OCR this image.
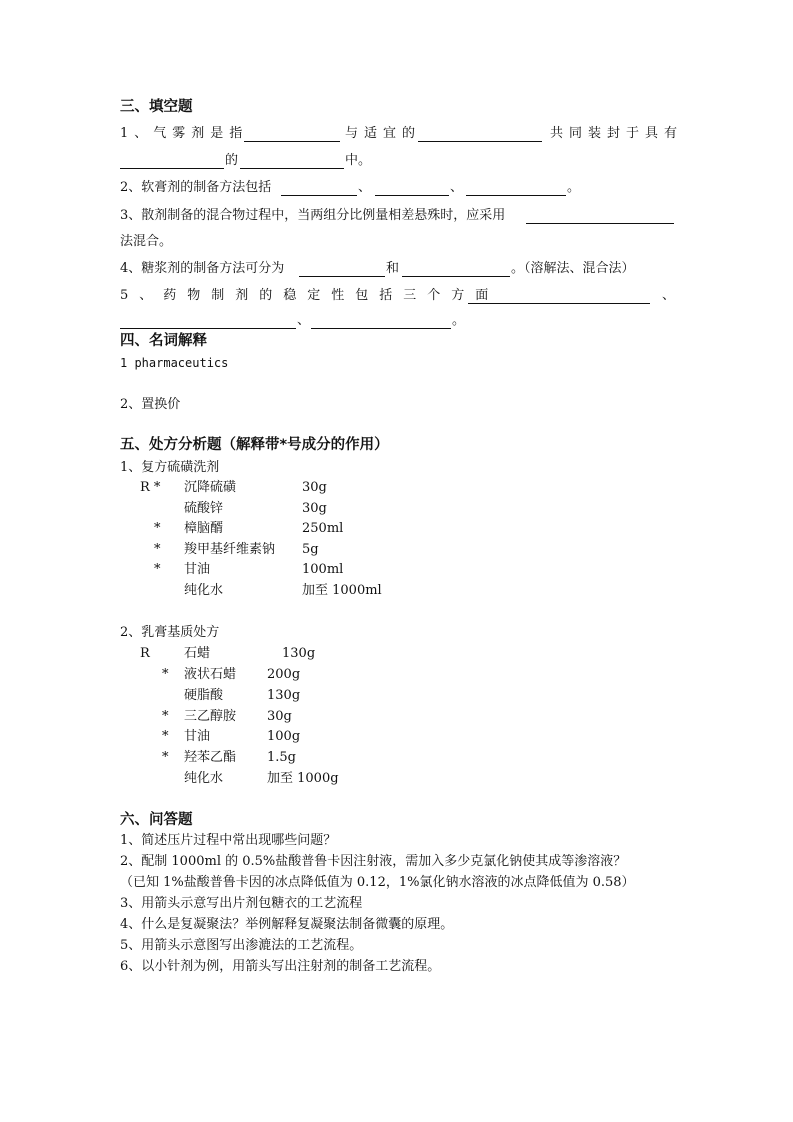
三、填空题
1、气雾剂是指	与适宜的	共同装封于具有
的	中。
2、软膏剂的制备方法包括	、	、	。
3、散剂制备的混合物过程中，当两组分比例量相差悬殊时，应采用
法混合。
4、糖浆剂的制备方法可分为	和	。（溶解法、混合法）
5、药物制剂的稳定性包括三个方面	、
、	。
四、名词解释
1 pharmaceutics
2、置换价
五、处方分析题（解释带*号成分的作用）
1、复方硫磺洗剂
R * 沉降硫磺	30g
硫酸锌	30g
* 樟脑醑	250ml
* 羧甲基纤维素钠 5g
* 甘油	100ml
纯化水	加至 1000ml
2、乳膏基质处方
R	石蜡	130g
* 液状石蜡 200g
硬脂酸	130g
* 三乙醇胺 30g
* 甘油	100g
* 羟苯乙酯 1.5g
纯化水	加至 1000g
六、问答题
1、简述压片过程中常出现哪些问题？
2、配制 1000ml 的 0.5%盐酸普鲁卡因注射液，需加入多少克氯化钠使其成等渗溶液？
（已知 1%盐酸普鲁卡因的冰点降低值为 0.12，1%氯化钠水溶液的冰点降低值为 0.58）
3、用箭头示意写出片剂包糖衣的工艺流程
4、什么是复凝聚法？举例解释复凝聚法制备微囊的原理。
5、用箭头示意图写出渗漉法的工艺流程。
6、以小针剂为例，用箭头写出注射剂的制备工艺流程。
